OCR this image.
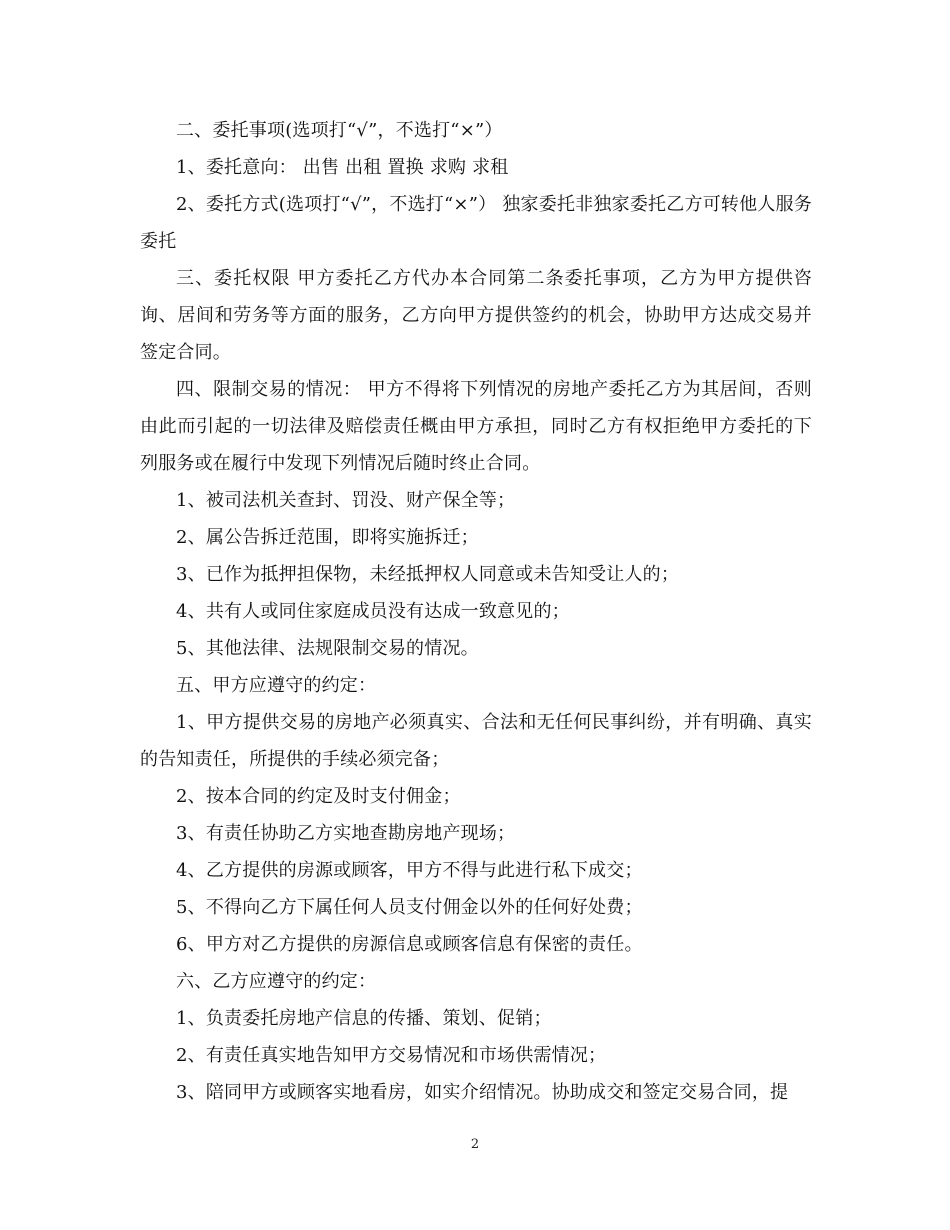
二、委托事项(选项打“√”，不选打“×”）

1、委托意向： 出售 出租 置换 求购 求租

2、委托方式(选项打“√”，不选打“×”） 独家委托非独家委托乙方可转他人服务委托

三、委托权限 甲方委托乙方代办本合同第二条委托事项，乙方为甲方提供咨询、居间和劳务等方面的服务，乙方向甲方提供签约的机会，协助甲方达成交易并签定合同。

四、限制交易的情况： 甲方不得将下列情况的房地产委托乙方为其居间，否则由此而引起的一切法律及赔偿责任概由甲方承担，同时乙方有权拒绝甲方委托的下列服务或在履行中发现下列情况后随时终止合同。

1、被司法机关查封、罚没、财产保全等；

2、属公告拆迁范围，即将实施拆迁；

3、已作为抵押担保物，未经抵押权人同意或未告知受让人的；

4、共有人或同住家庭成员没有达成一致意见的；

5、其他法律、法规限制交易的情况。

五、甲方应遵守的约定：

1、甲方提供交易的房地产必须真实、合法和无任何民事纠纷，并有明确、真实的告知责任，所提供的手续必须完备；

2、按本合同的约定及时支付佣金；

3、有责任协助乙方实地查勘房地产现场；

4、乙方提供的房源或顾客，甲方不得与此进行私下成交；

5、不得向乙方下属任何人员支付佣金以外的任何好处费；

6、甲方对乙方提供的房源信息或顾客信息有保密的责任。

六、乙方应遵守的约定：

1、负责委托房地产信息的传播、策划、促销；

2、有责任真实地告知甲方交易情况和市场供需情况；

3、陪同甲方或顾客实地看房，如实介绍情况。协助成交和签定交易合同，提

2
